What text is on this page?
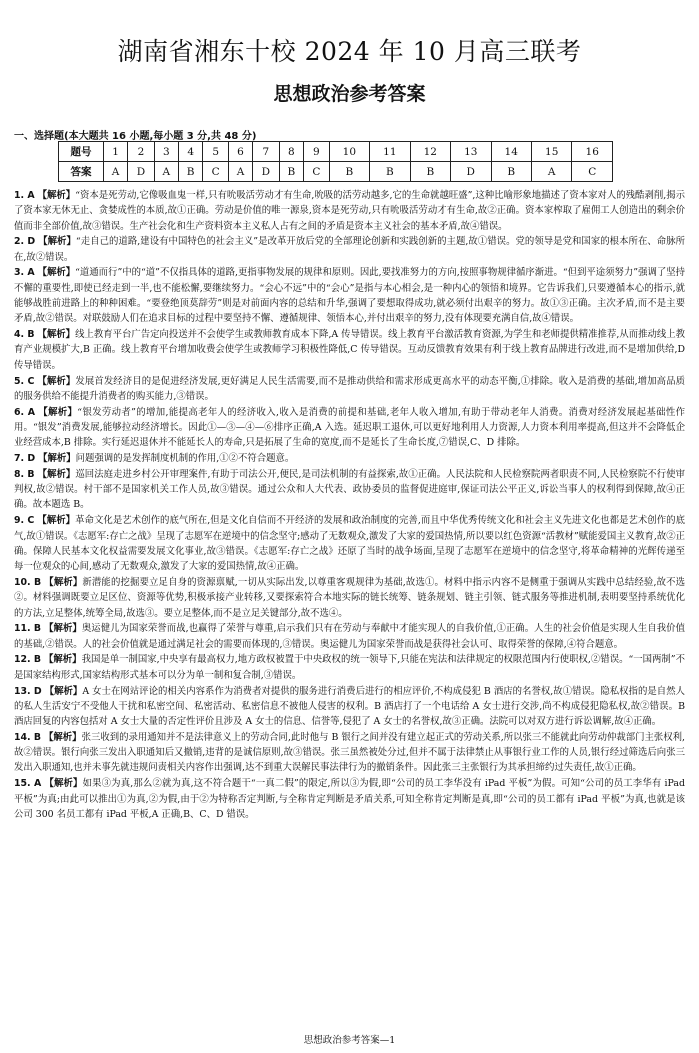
湖南省湘东十校 2024 年 10 月高三联考
思想政治参考答案
一、选择题(本大题共 16 小题,每小题 3 分,共 48 分)
题号	1	2	3	4	5	6	7	8	9	10	11	12	13	14	15	16
答案	A	D	A	B	C	A	D	B	C	B	B	B	D	B	A	C
1. A 【解析】“资本是死劳动,它像吸血鬼一样,只有吮吸活劳动才有生命,吮吸的活劳动越多,它的生命就越旺盛”,这种比喻形象地描述了资本家对人的残酷剥削,揭示了资本家无休无止、贪婪成性的本质,故①正确。劳动是价值的唯一源泉,资本是死劳动,只有吮吸活劳动才有生命,故②正确。资本家榨取了雇佣工人创造出的剩余价值而非全部价值,故③错误。生产社会化和生产资料资本主义私人占有之间的矛盾是资本主义社会的基本矛盾,故④错误。
2. D 【解析】“走自己的道路,建设有中国特色的社会主义”是改革开放后党的全部理论创新和实践创新的主题,故①错误。党的领导是党和国家的根本所在、命脉所在,故②错误。
3. A 【解析】“道通而行”中的“道”不仅指具体的道路,更指事物发展的规律和原则。因此,要找准努力的方向,按照事物规律循序渐进。“但到平途须努力”强调了坚持不懈的重要性,即使已经走到一半,也不能松懈,要继续努力。“会心不远”中的“会心”是指与本心相会,是一种内心的领悟和境界。它告诉我们,只要遵循本心的指示,就能够战胜前进路上的种种困难。“要登绝顶莫辞劳”则是对前面内容的总结和升华,强调了要想取得成功,就必须付出艰辛的努力。故①③正确。主次矛盾,而不是主要矛盾,故②错误。对联鼓励人们在追求目标的过程中要坚持不懈、遵循规律、领悟本心,并付出艰辛的努力,没有体现要充满自信,故④错误。
4. B 【解析】线上教育平台广告定向投送并不会使学生或教师教育成本下降,A 传导错误。线上教育平台激活教育资源,为学生和老师提供精准推荐,从而推动线上教育产业规模扩大,B 正确。线上教育平台增加收费会使学生或教师学习积极性降低,C 传导错误。互动反馈教育效果有利于线上教育品牌进行改进,而不是增加供给,D 传导错误。
5. C 【解析】发展首发经济目的是促进经济发展,更好满足人民生活需要,而不是推动供给和需求形成更高水平的动态平衡,①排除。收入是消费的基础,增加高品质的服务供给不能提升消费者的购买能力,③错误。
6. A 【解析】“银发劳动者”的增加,能提高老年人的经济收入,收入是消费的前提和基础,老年人收入增加,有助于带动老年人消费。消费对经济发展起基础性作用。“银发”消费发展,能够拉动经济增长。因此①—③—④—⑥排序正确,A 入选。延迟职工退休,可以更好地利用人力资源,人力资本利用率提高,但这并不会降低企业经营成本,B 排除。实行延迟退休并不能延长人的寿命,只是拓展了生命的宽度,而不是延长了生命长度,⑦错误,C、D 排除。
7. D 【解析】问题强调的是发挥制度机制的作用,①②不符合题意。
8. B 【解析】巡回法庭走进乡村公开审理案件,有助于司法公开,便民,是司法机制的有益探索,故①正确。人民法院和人民检察院两者职责不同,人民检察院不行使审判权,故②错误。村干部不是国家机关工作人员,故③错误。通过公众和人大代表、政协委员的监督促进庭审,保证司法公平正义,诉讼当事人的权利得到保障,故④正确。故本题选 B。
9. C 【解析】革命文化是艺术创作的底气所在,但是文化自信而不开经济的发展和政治制度的完善,而且中华优秀传统文化和社会主义先进文化也都是艺术创作的底气,故①错误。《志愿军:存亡之战》呈现了志愿军在逆境中的信念坚守;感动了无数观众,激发了大家的爱国热情,所以要以红色资源“活教材”赋能爱国主义教育,故②正确。保障人民基本文化权益需要发展文化事业,故③错误。《志愿军:存亡之战》还原了当时的战争场面,呈现了志愿军在逆境中的信念坚守,将革命精神的光辉传递至每一位观众的心间,感动了无数观众,激发了大家的爱国热情,故④正确。
10. B 【解析】新潜能的挖掘要立足自身的资源禀赋,一切从实际出发,以尊重客观规律为基础,故选①。材料中指示内容不是侧重于强调从实践中总结经验,故不选②。材料强调既要立足区位、资源等优势,积极承接产业转移,又要探索符合本地实际的链长统筹、链条规划、链主引领、链式服务等推进机制,表明要坚持系统优化的方法,立足整体,统筹全局,故选③。要立足整体,而不是立足关键部分,故不选④。
11. B 【解析】奥运健儿为国家荣誉而战,也赢得了荣誉与尊重,启示我们只有在劳动与奉献中才能实现人的自我价值,①正确。人生的社会价值是实现人生自我价值的基础,②错误。人的社会价值就是通过满足社会的需要而体现的,③错误。奥运健儿为国家荣誉而战是获得社会认可、取得荣誉的保障,④符合题意。
12. B 【解析】我国是单一制国家,中央享有最高权力,地方政权被置于中央政权的统一领导下,只能在宪法和法律规定的权限范围内行使职权,②错误。“一国两制”不是国家结构形式,国家结构形式基本可以分为单一制和复合制,③错误。
13. D 【解析】A 女士在网站评论的相关内容系作为消费者对提供的服务进行消费后进行的相应评价,不构成侵犯 B 酒店的名誉权,故①错误。隐私权指的是自然人的私人生活安宁不受他人干扰和私密空间、私密活动、私密信息不被他人侵害的权利。B 酒店打了一个电话给 A 女士进行交涉,尚不构成侵犯隐私权,故②错误。B 酒店回复的内容包括对 A 女士大量的否定性评价且涉及 A 女士的信息、信誉等,侵犯了 A 女士的名誉权,故③正确。法院可以对双方进行诉讼调解,故④正确。
14. B 【解析】张三收到的录用通知并不是法律意义上的劳动合同,此时他与 B 银行之间并没有建立起正式的劳动关系,所以张三不能就此向劳动仲裁部门主张权利,故②错误。银行向张三发出入职通知后又撤销,违背的是诚信原则,故③错误。张三虽然被处分过,但并不属于法律禁止从事银行业工作的人员,银行经过筛选后向张三发出入职通知,也并未事先就违规问责相关内容作出强调,达不到重大误解民事法律行为的撤销条件。因此张三主张银行为其承担缔约过失责任,故①正确。
15. A 【解析】如果③为真,那么②就为真,这不符合题干“一真二假”的限定,所以③为假,即“公司的员工李华没有 iPad 平板”为假。可知“公司的员工李华有 iPad 平板”为真;由此可以推出①为真,②为假,由于②为特称否定判断,与全称肯定判断是矛盾关系,可知全称肯定判断是真,即“公司的员工都有 iPad 平板”为真,也就是该公司 300 名员工都有 iPad 平板,A 正确,B、C、D 错误。
思想政治参考答案—1
